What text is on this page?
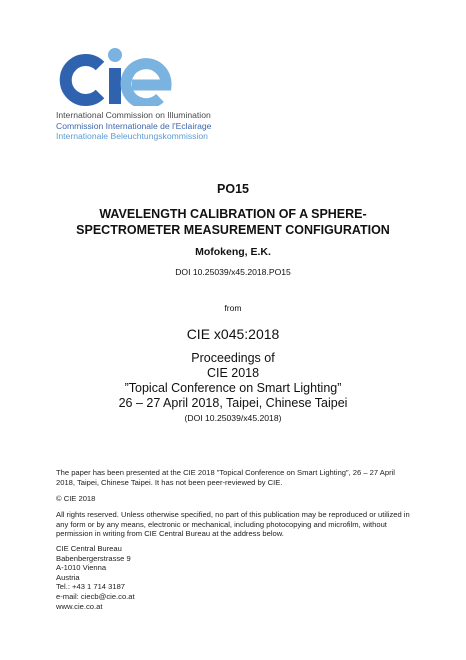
International Commission on Illumination
Commission Internationale de l'Eclairage
Internationale Beleuchtungskommission
PO15
WAVELENGTH CALIBRATION OF A SPHERE-
SPECTROMETER MEASUREMENT CONFIGURATION
Mofokeng, E.K.
DOI 10.25039/x45.2018.PO15
from
CIE x045:2018
Proceedings of
CIE 2018
”Topical Conference on Smart Lighting”
26 – 27 April 2018, Taipei, Chinese Taipei
(DOI 10.25039/x45.2018)
The paper has been presented at the CIE 2018 ”Topical Conference on Smart Lighting”, 26 – 27 April 2018, Taipei, Chinese Taipei. It has not been peer-reviewed by CIE.
© CIE 2018
All rights reserved. Unless otherwise specified, no part of this publication may be reproduced or utilized in any form or by any means, electronic or mechanical, including photocopying and microfilm, without permission in writing from CIE Central Bureau at the address below.
CIE Central Bureau
Babenbergerstrasse 9
A-1010 Vienna
Austria
Tel.: +43 1 714 3187
e-mail: ciecb@cie.co.at
www.cie.co.at
